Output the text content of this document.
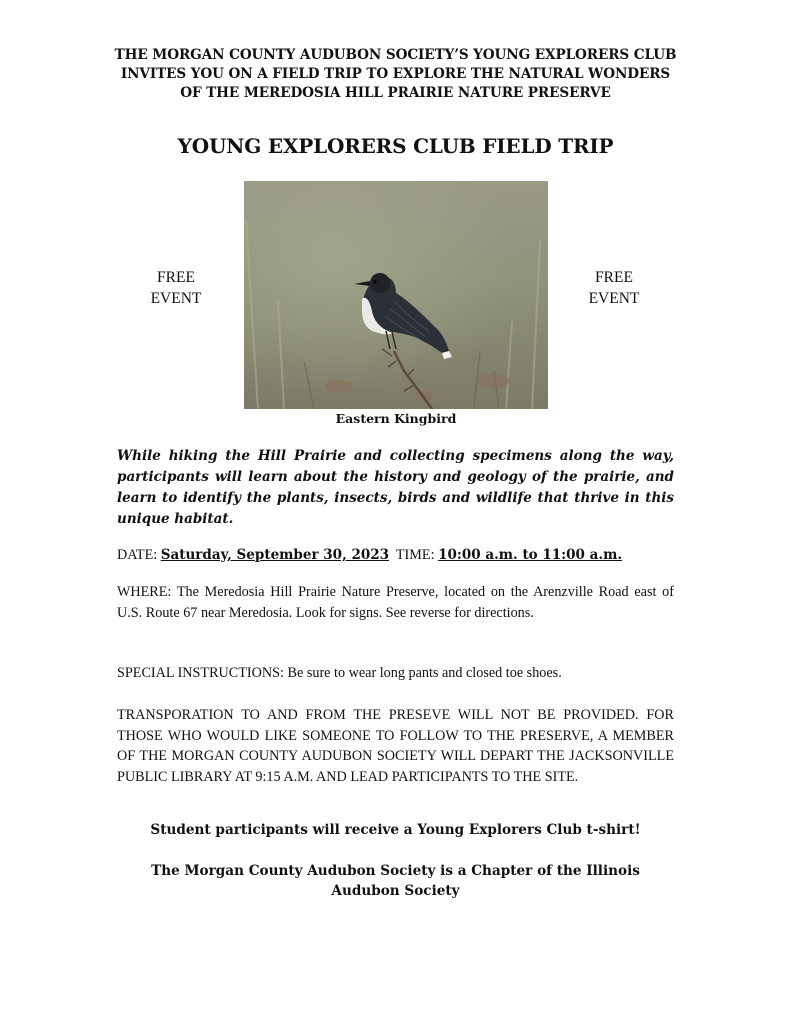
THE MORGAN COUNTY AUDUBON SOCIETY’S YOUNG EXPLORERS CLUB
INVITES YOU ON A FIELD TRIP TO EXPLORE THE NATURAL WONDERS
OF THE MEREDOSIA HILL PRAIRIE NATURE PRESERVE
YOUNG EXPLORERS CLUB FIELD TRIP
FREE
EVENT
FREE
EVENT
Eastern Kingbird
While hiking the Hill Prairie and collecting specimens along the way, participants will learn about the history and geology of the prairie, and learn to identify the plants, insects, birds and wildlife that thrive in this unique habitat.
DATE: Saturday, September 30, 2023 TIME: 10:00 a.m. to 11:00 a.m.
WHERE: The Meredosia Hill Prairie Nature Preserve, located on the Arenzville Road east of U.S. Route 67 near Meredosia. Look for signs. See reverse for directions.
SPECIAL INSTRUCTIONS: Be sure to wear long pants and closed toe shoes.
TRANSPORATION TO AND FROM THE PRESEVE WILL NOT BE PROVIDED. FOR THOSE WHO WOULD LIKE SOMEONE TO FOLLOW TO THE PRESERVE, A MEMBER OF THE MORGAN COUNTY AUDUBON SOCIETY WILL DEPART THE JACKSONVILLE PUBLIC LIBRARY AT 9:15 A.M. AND LEAD PARTICIPANTS TO THE SITE.
Student participants will receive a Young Explorers Club t-shirt!
The Morgan County Audubon Society is a Chapter of the Illinois
Audubon Society
